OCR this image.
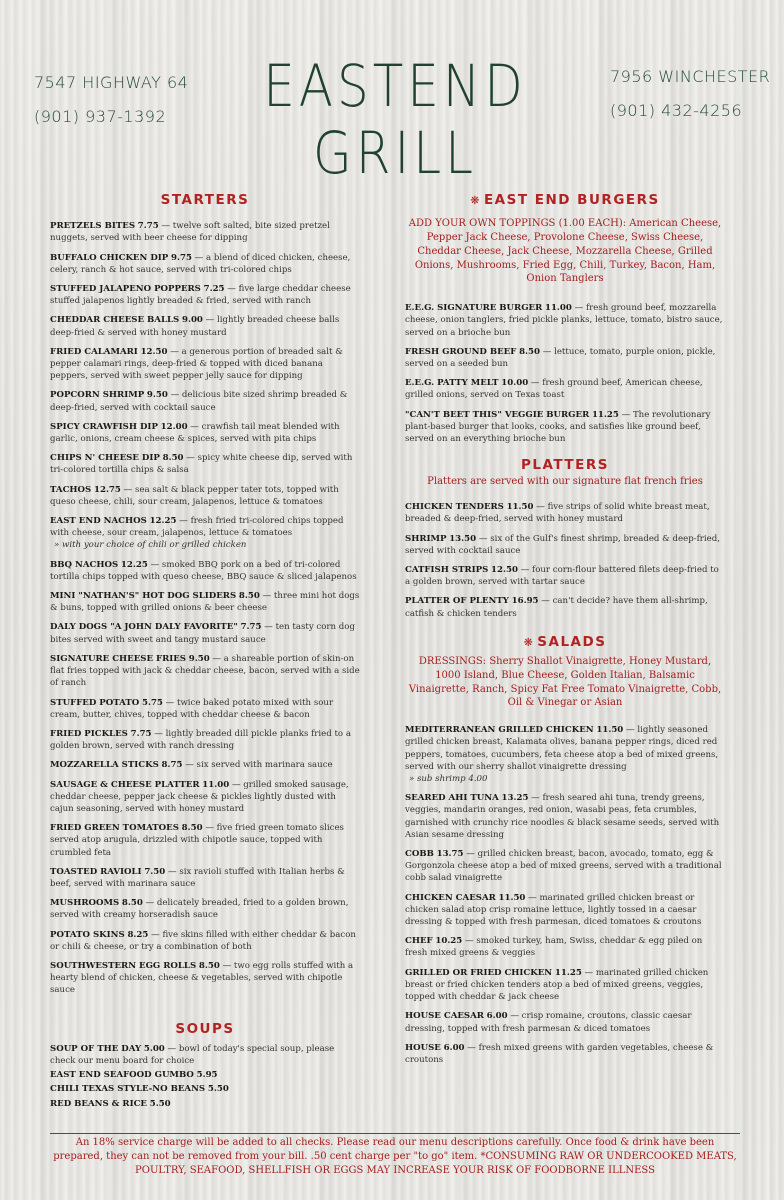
7547 HIGHWAY 64
(901) 937-1392	EASTEND GRILL
7956 WINCHESTER
(901) 432-4256
STARTERS
PRETZELS BITES 7.75 — twelve soft salted, bite sized pretzel nuggets, served with beer cheese for dipping
BUFFALO CHICKEN DIP 9.75 — a blend of diced chicken, cheese, celery, ranch & hot sauce, served with tri-colored chips
STUFFED JALAPENO POPPERS 7.25 — five large cheddar cheese stuffed jalapenos lightly breaded & fried, served with ranch
CHEDDAR CHEESE BALLS 9.00 — lightly breaded cheese balls deep-fried & served with honey mustard
FRIED CALAMARI 12.50 — a generous portion of breaded salt & pepper calamari rings, deep-fried & topped with diced banana peppers, served with sweet pepper jelly sauce for dipping
POPCORN SHRIMP 9.50 — delicious bite sized shrimp breaded & deep-fried, served with cocktail sauce
SPICY CRAWFISH DIP 12.00 — crawfish tail meat blended with garlic, onions, cream cheese & spices, served with pita chips
CHIPS N' CHEESE DIP 8.50 — spicy white cheese dip, served with tri-colored tortilla chips & salsa
TACHOS 12.75 — sea salt & black pepper tater tots, topped with queso cheese, chili, sour cream, jalapenos, lettuce & tomatoes
EAST END NACHOS 12.25 — fresh fried tri-colored chips topped with cheese, sour cream, jalapenos, lettuce & tomatoes
» with your choice of chili or grilled chicken
BBQ NACHOS 12.25 — smoked BBQ pork on a bed of tri-colored tortilla chips topped with queso cheese, BBQ sauce & sliced jalapenos
MINI "NATHAN'S" HOT DOG SLIDERS 8.50 — three mini hot dogs & buns, topped with grilled onions & beer cheese
DALY DOGS "A JOHN DALY FAVORITE" 7.75 — ten tasty corn dog bites served with sweet and tangy mustard sauce
SIGNATURE CHEESE FRIES 9.50 — a shareable portion of skin-on flat fries topped with jack & cheddar cheese, bacon, served with a side of ranch
STUFFED POTATO 5.75 — twice baked potato mixed with sour cream, butter, chives, topped with cheddar cheese & bacon
FRIED PICKLES 7.75 — lightly breaded dill pickle planks fried to a golden brown, served with ranch dressing
MOZZARELLA STICKS 8.75 — six served with marinara sauce
SAUSAGE & CHEESE PLATTER 11.00 — grilled smoked sausage, cheddar cheese, pepper jack cheese & pickles lightly dusted with cajun seasoning, served with honey mustard
FRIED GREEN TOMATOES 8.50 — five fried green tomato slices served atop arugula, drizzled with chipotle sauce, topped with crumbled feta
TOASTED RAVIOLI 7.50 — six ravioli stuffed with Italian herbs & beef, served with marinara sauce
MUSHROOMS 8.50 — delicately breaded, fried to a golden brown, served with creamy horseradish sauce
POTATO SKINS 8.25 — five skins filled with either cheddar & bacon or chili & cheese, or try a combination of both
SOUTHWESTERN EGG ROLLS 8.50 — two egg rolls stuffed with a hearty blend of chicken, cheese & vegetables, served with chipotle sauce
SOUPS
SOUP OF THE DAY 5.00 — bowl of today's special soup, please check our menu board for choice
EAST END SEAFOOD GUMBO 5.95
CHILI TEXAS STYLE-NO BEANS 5.50
RED BEANS & RICE 5.50
❋ EAST END BURGERS

ADD YOUR OWN TOPPINGS (1.00 EACH): American Cheese, Pepper Jack Cheese, Provolone Cheese, Swiss Cheese, Cheddar Cheese, Jack Cheese, Mozzarella Cheese, Grilled Onions, Mushrooms, Fried Egg, Chili, Turkey, Bacon, Ham, Onion Tanglers

E.E.G. SIGNATURE BURGER 11.00 — fresh ground beef, mozzarella cheese, onion tanglers, fried pickle planks, lettuce, tomato, bistro sauce, served on a brioche bun
FRESH GROUND BEEF 8.50 — lettuce, tomato, purple onion, pickle, served on a seeded bun
E.E.G. PATTY MELT 10.00 — fresh ground beef, American cheese, grilled onions, served on Texas toast
"CAN'T BEET THIS" VEGGIE BURGER 11.25 — The revolutionary plant-based burger that looks, cooks, and satisfies like ground beef, served on an everything brioche bun
PLATTERS

Platters are served with our signature flat french fries

CHICKEN TENDERS 11.50 — five strips of solid white breast meat, breaded & deep-fried, served with honey mustard
SHRIMP 13.50 — six of the Gulf's finest shrimp, breaded & deep-fried, served with cocktail sauce
CATFISH STRIPS 12.50 — four corn-flour battered filets deep-fried to a golden brown, served with tartar sauce
PLATTER OF PLENTY 16.95 — can't decide? have them all-shrimp, catfish & chicken tenders
❋ SALADS

DRESSINGS: Sherry Shallot Vinaigrette, Honey Mustard, 1000 Island, Blue Cheese, Golden Italian, Balsamic Vinaigrette, Ranch, Spicy Fat Free Tomato Vinaigrette, Cobb, Oil & Vinegar or Asian

MEDITERRANEAN GRILLED CHICKEN 11.50 — lightly seasoned grilled chicken breast, Kalamata olives, banana pepper rings, diced red peppers, tomatoes, cucumbers, feta cheese atop a bed of mixed greens, served with our sherry shallot vinaigrette dressing
» sub shrimp 4.00
SEARED AHI TUNA 13.25 — fresh seared ahi tuna, trendy greens, veggies, mandarin oranges, red onion, wasabi peas, feta crumbles, garnished with crunchy rice noodles & black sesame seeds, served with Asian sesame dressing
COBB 13.75 — grilled chicken breast, bacon, avocado, tomato, egg & Gorgonzola cheese atop a bed of mixed greens, served with a traditional cobb salad vinaigrette
CHICKEN CAESAR 11.50 — marinated grilled chicken breast or chicken salad atop crisp romaine lettuce, lightly tossed in a caesar dressing & topped with fresh parmesan, diced tomatoes & croutons
CHEF 10.25 — smoked turkey, ham, Swiss, cheddar & egg piled on fresh mixed greens & veggies
GRILLED OR FRIED CHICKEN 11.25 — marinated grilled chicken breast or fried chicken tenders atop a bed of mixed greens, veggies, topped with cheddar & jack cheese
HOUSE CAESAR 6.00 — crisp romaine, croutons, classic caesar dressing, topped with fresh parmesan & diced tomatoes
HOUSE 6.00 — fresh mixed greens with garden vegetables, cheese & croutons
An 18% service charge will be added to all checks. Please read our menu descriptions carefully. Once food & drink have been prepared, they can not be removed from your bill. .50 cent charge per "to go" item. *CONSUMING RAW OR UNDERCOOKED MEATS, POULTRY, SEAFOOD, SHELLFISH OR EGGS MAY INCREASE YOUR RISK OF FOODBORNE ILLNESS
